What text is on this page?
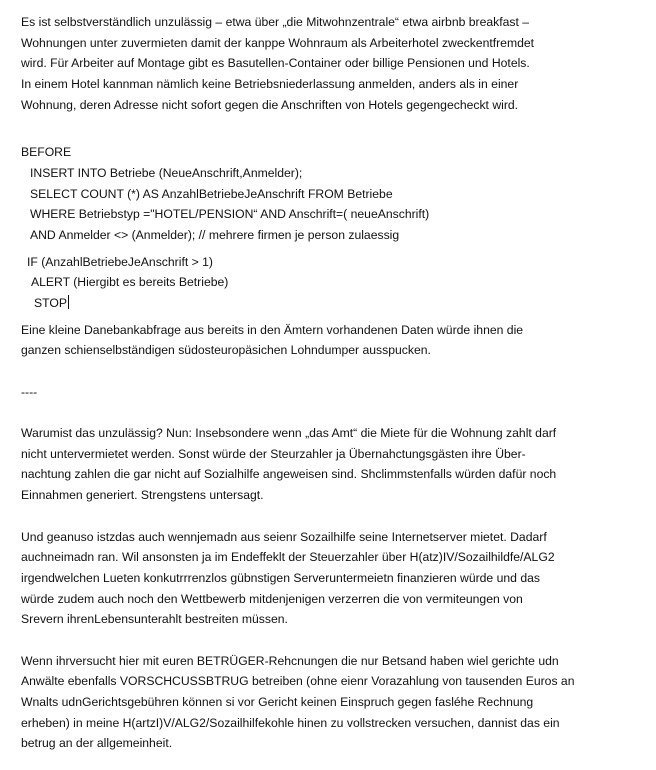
Es ist selbstverständlich unzulässig – etwa über „die Mitwohnzentrale“ etwa airbnb breakfast –
Wohnungen unter zuvermieten damit der kanppe Wohnraum als Arbeiterhotel zweckentfremdet
wird. Für Arbeiter auf Montage gibt es Basutellen-Container oder billige Pensionen und Hotels.
In einem Hotel kannman nämlich keine Betriebsniederlassung anmelden, anders als in einer
Wohnung, deren Adresse nicht sofort gegen die Anschriften von Hotels gegengecheckt wird.
BEFORE
INSERT INTO Betriebe (NeueAnschrift,Anmelder);
SELECT COUNT (*) AS AnzahlBetriebeJeAnschrift FROM Betriebe
WHERE Betriebstyp ="HOTEL/PENSION“ AND Anschrift=( neueAnschrift)
AND Anmelder <> (Anmelder); // mehrere firmen je person zulaessig
IF (AnzahlBetriebeJeAnschrift > 1)
ALERT (Hiergibt es bereits Betriebe)
STOP
Eine kleine Danebankabfrage aus bereits in den Ämtern vorhandenen Daten würde ihnen die
ganzen schienselbständigen südosteuropäsichen Lohndumper ausspucken.
----
Warumist das unzulässig? Nun: Insebsondere wenn „das Amt“ die Miete für die Wohnung zahlt darf
nicht untervermietet werden. Sonst würde der Steurzahler ja Übernahctungsgästen ihre Über-
nachtung zahlen die gar nicht auf Sozialhilfe angeweisen sind. Shclimmstenfalls würden dafür noch
Einnahmen generiert. Strengstens untersagt.
Und geanuso istzdas auch wennjemadn aus seienr Sozailhilfe seine Internetserver mietet. Dadarf
auchneimadn ran. Wil ansonsten ja im Endeffeklt der Steuerzahler über H(atz)IV/Sozailhildfe/ALG2
irgendwelchen Lueten konkutrrrenzlos gübnstigen Serveruntermeietn finanzieren würde und das
würde zudem auch noch den Wettbewerb mitdenjenigen verzerren die von vermiteungen von
Srevern ihrenLebensunterahlt bestreiten müssen.
Wenn ihrversucht hier mit euren BETRÜGER-Rehcnungen die nur Betsand haben wiel gerichte udn
Anwälte ebenfalls VORSCHCUSSBTRUG betreiben (ohne eienr Vorazahlung von tausenden Euros an
Wnalts udnGerichtsgebühren können si vor Gericht keinen Einspruch gegen fasléhe Rechnung
erheben) in meine H(artzI)V/ALG2/Sozailhilfekohle hinen zu vollstrecken versuchen, dannist das ein
betrug an der allgemeinheit.
